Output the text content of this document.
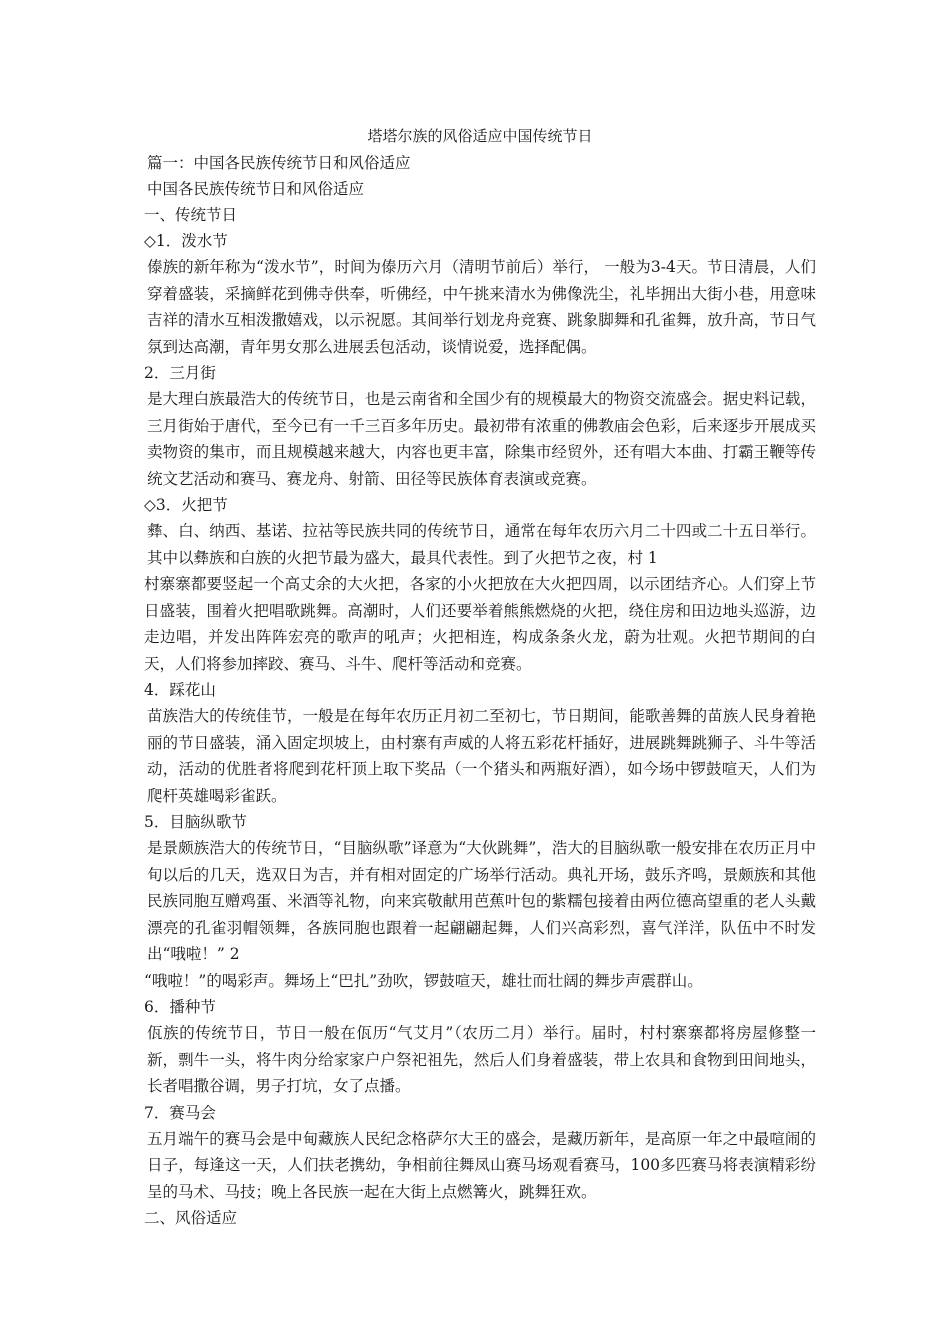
塔塔尔族的风俗适应中国传统节日
篇一：中国各民族传统节日和风俗适应
中国各民族传统节日和风俗适应
一、传统节日
◇1．泼水节
傣族的新年称为“泼水节”，时间为傣历六月（清明节前后）举行， 一般为3-4天。节日清晨，人们穿着盛装，采摘鲜花到佛寺供奉，听佛经，中午挑来清水为佛像洗尘，礼毕拥出大街小巷，用意味吉祥的清水互相泼撒嬉戏，以示祝愿。其间举行划龙舟竞赛、跳象脚舞和孔雀舞，放升高，节日气氛到达高潮，青年男女那么进展丢包活动，谈情说爱，选择配偶。
2．三月街
是大理白族最浩大的传统节日，也是云南省和全国少有的规模最大的物资交流盛会。据史料记载，三月街始于唐代，至今已有一千三百多年历史。最初带有浓重的佛教庙会色彩，后来逐步开展成买卖物资的集市，而且规模越来越大，内容也更丰富，除集市经贸外，还有唱大本曲、打霸王鞭等传统文艺活动和赛马、赛龙舟、射箭、田径等民族体育表演或竞赛。
◇3．火把节
彝、白、纳西、基诺、拉祜等民族共同的传统节日，通常在每年农历六月二十四或二十五日举行。其中以彝族和白族的火把节最为盛大，最具代表性。到了火把节之夜，村 1
村寨寨都要竖起一个高丈余的大火把，各家的小火把放在大火把四周，以示团结齐心。人们穿上节日盛装，围着火把唱歌跳舞。高潮时，人们还要举着熊熊燃烧的火把，绕住房和田边地头巡游，边走边唱，并发出阵阵宏亮的歌声的吼声；火把相连，构成条条火龙，蔚为壮观。火把节期间的白天，人们将参加摔跤、赛马、斗牛、爬杆等活动和竞赛。
4．踩花山
苗族浩大的传统佳节，一般是在每年农历正月初二至初七，节日期间，能歌善舞的苗族人民身着艳丽的节日盛装，涌入固定坝坡上，由村寨有声威的人将五彩花杆插好，进展跳舞跳狮子、斗牛等活动，活动的优胜者将爬到花杆顶上取下奖品（一个猪头和两瓶好酒），如今场中锣鼓喧天，人们为爬杆英雄喝彩雀跃。
5．目脑纵歌节
是景颇族浩大的传统节日，“目脑纵歌”译意为“大伙跳舞”，浩大的目脑纵歌一般安排在农历正月中旬以后的几天，选双日为吉，并有相对固定的广场举行活动。典礼开场，鼓乐齐鸣，景颇族和其他民族同胞互赠鸡蛋、米酒等礼物，向来宾敬献用芭蕉叶包的紫糯包接着由两位德高望重的老人头戴漂亮的孔雀羽帽领舞，各族同胞也跟着一起翩翩起舞，人们兴高彩烈，喜气洋洋，队伍中不时发出“哦啦！” 2
“哦啦！”的喝彩声。舞场上“巴扎”劲吹，锣鼓喧天，雄壮而壮阔的舞步声震群山。
6．播种节
佤族的传统节日，节日一般在佤历“气艾月”（农历二月）举行。届时，村村寨寨都将房屋修整一新，剽牛一头，将牛肉分给家家户户祭祀祖先，然后人们身着盛装，带上农具和食物到田间地头，长者唱撒谷调，男子打坑，女了点播。
7．赛马会
五月端午的赛马会是中甸藏族人民纪念格萨尔大王的盛会，是藏历新年，是高原一年之中最喧闹的日子，每逢这一天，人们扶老携幼，争相前往舞凤山赛马场观看赛马，100多匹赛马将表演精彩纷呈的马术、马技；晚上各民族一起在大街上点燃篝火，跳舞狂欢。
二、风俗适应
